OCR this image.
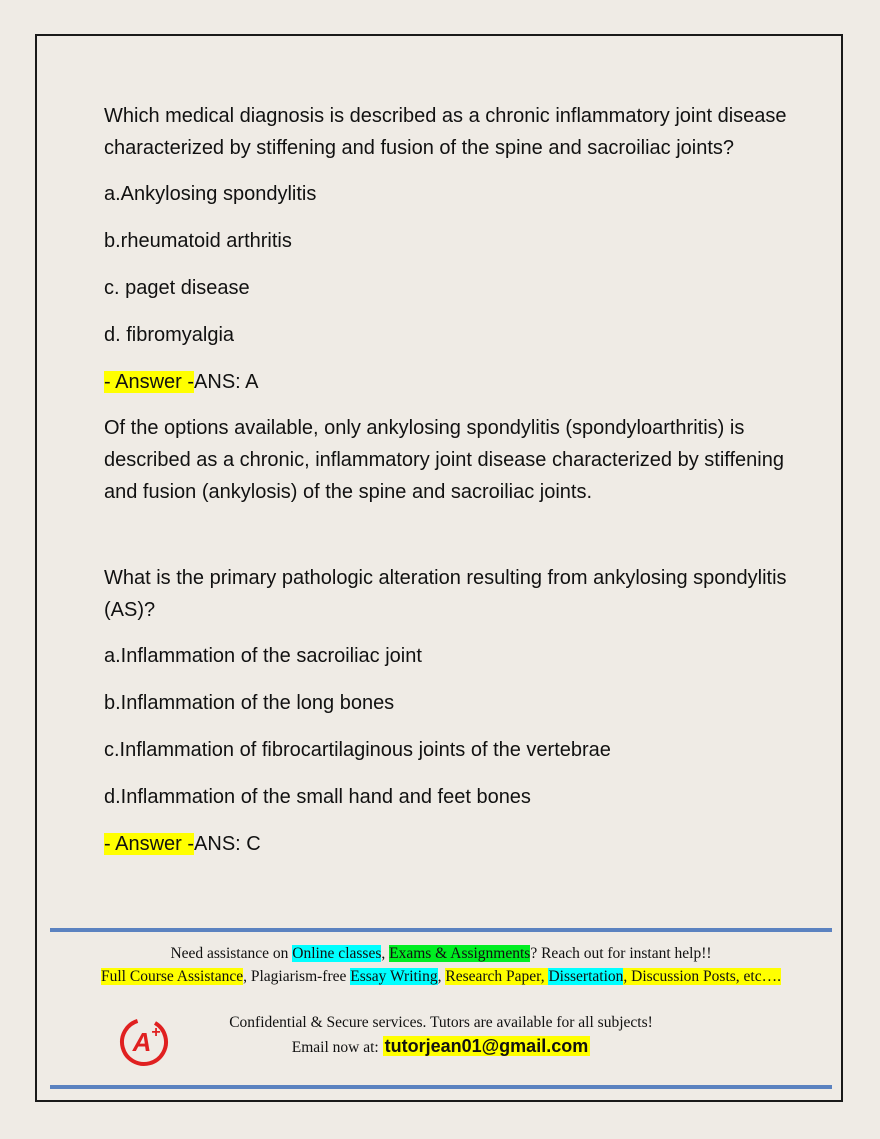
Which medical diagnosis is described as a chronic inflammatory joint disease characterized by stiffening and fusion of the spine and sacroiliac joints?

a.Ankylosing spondylitis

b.rheumatoid arthritis

c. paget disease

d. fibromyalgia

- Answer -ANS: A

Of the options available, only ankylosing spondylitis (spondyloarthritis) is described as a chronic, inflammatory joint disease characterized by stiffening and fusion (ankylosis) of the spine and sacroiliac joints.

What is the primary pathologic alteration resulting from ankylosing spondylitis (AS)?

a.Inflammation of the sacroiliac joint

b.Inflammation of the long bones

c.Inflammation of fibrocartilaginous joints of the vertebrae

d.Inflammation of the small hand and feet bones

- Answer -ANS: C

Need assistance on Online classes, Exams & Assignments? Reach out for instant help!!
Full Course Assistance, Plagiarism-free Essay Writing, Research Paper, Dissertation, Discussion Posts, etc….
A +
Confidential & Secure services. Tutors are available for all subjects!
Email now at: tutorjean01@gmail.com
